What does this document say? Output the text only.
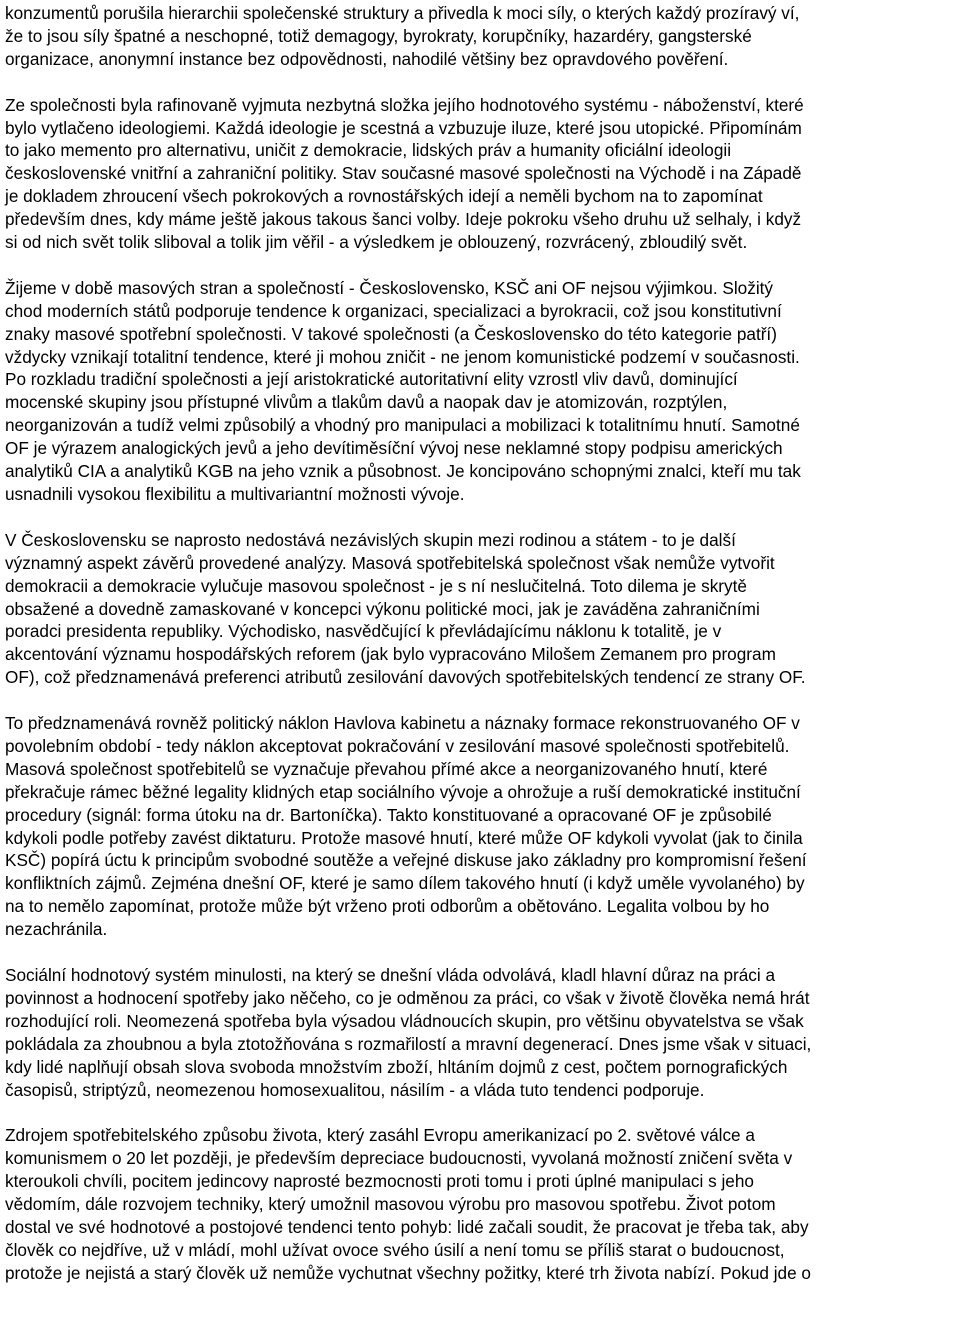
konzumentů porušila hierarchii společenské struktury a přivedla k moci síly, o kterých každý prozíravý ví,
že to jsou síly špatné a neschopné, totiž demagogy, byrokraty, korupčníky, hazardéry, gangsterské
organizace, anonymní instance bez odpovědnosti, nahodilé většiny bez opravdového pověření.

Ze společnosti byla rafinovaně vyjmuta nezbytná složka jejího hodnotového systému - náboženství, které
bylo vytlačeno ideologiemi. Každá ideologie je scestná a vzbuzuje iluze, které jsou utopické. Připomínám
to jako memento pro alternativu, uničit z demokracie, lidských práv a humanity oficiální ideologii
československé vnitřní a zahraniční politiky. Stav současné masové společnosti na Východě i na Západě
je dokladem zhroucení všech pokrokových a rovnostářských idejí a neměli bychom na to zapomínat
především dnes, kdy máme ještě jakous takous šanci volby. Ideje pokroku všeho druhu už selhaly, i když
si od nich svět tolik sliboval a tolik jim věřil - a výsledkem je oblouzený, rozvrácený, zbloudilý svět.

Žijeme v době masových stran a společností - Československo, KSČ ani OF nejsou výjimkou. Složitý
chod moderních států podporuje tendence k organizaci, specializaci a byrokracii, což jsou konstitutivní
znaky masové spotřební společnosti. V takové společnosti (a Československo do této kategorie patří)
vždycky vznikají totalitní tendence, které ji mohou zničit - ne jenom komunistické podzemí v současnosti.
Po rozkladu tradiční společnosti a její aristokratické autoritativní elity vzrostl vliv davů, dominující
mocenské skupiny jsou přístupné vlivům a tlakům davů a naopak dav je atomizován, rozptýlen,
neorganizován a tudíž velmi způsobilý a vhodný pro manipulaci a mobilizaci k totalitnímu hnutí. Samotné
OF je výrazem analogických jevů a jeho devítiměsíční vývoj nese neklamné stopy podpisu amerických
analytiků CIA a analytiků KGB na jeho vznik a působnost. Je koncipováno schopnými znalci, kteří mu tak
usnadnili vysokou flexibilitu a multivariantní možnosti vývoje.

V Československu se naprosto nedostává nezávislých skupin mezi rodinou a státem - to je další
významný aspekt závěrů provedené analýzy. Masová spotřebitelská společnost však nemůže vytvořit
demokracii a demokracie vylučuje masovou společnost - je s ní neslučitelná. Toto dilema je skrytě
obsažené a dovedně zamaskované v koncepci výkonu politické moci, jak je zaváděna zahraničními
poradci presidenta republiky. Východisko, nasvědčující k převládajícímu náklonu k totalitě, je v
akcentování významu hospodářských reforem (jak bylo vypracováno Milošem Zemanem pro program
OF), což předznamenává preferenci atributů zesilování davových spotřebitelských tendencí ze strany OF.

To předznamenává rovněž politický náklon Havlova kabinetu a náznaky formace rekonstruovaného OF v
povolebním období - tedy náklon akceptovat pokračování v zesilování masové společnosti spotřebitelů.
Masová společnost spotřebitelů se vyznačuje převahou přímé akce a neorganizovaného hnutí, které
překračuje rámec běžné legality klidných etap sociálního vývoje a ohrožuje a ruší demokratické instituční
procedury (signál: forma útoku na dr. Bartoníčka). Takto konstituované a opracované OF je způsobilé
kdykoli podle potřeby zavést diktaturu. Protože masové hnutí, které může OF kdykoli vyvolat (jak to činila
KSČ) popírá úctu k principům svobodné soutěže a veřejné diskuse jako základny pro kompromisní řešení
konfliktních zájmů. Zejména dnešní OF, které je samo dílem takového hnutí (i když uměle vyvolaného) by
na to nemělo zapomínat, protože může být vrženo proti odborům a obětováno. Legalita volbou by ho
nezachránila.

Sociální hodnotový systém minulosti, na který se dnešní vláda odvolává, kladl hlavní důraz na práci a
povinnost a hodnocení spotřeby jako něčeho, co je odměnou za práci, co však v životě člověka nemá hrát
rozhodující roli. Neomezená spotřeba byla výsadou vládnoucích skupin, pro většinu obyvatelstva se však
pokládala za zhoubnou a byla ztotožňována s rozmařilostí a mravní degenerací. Dnes jsme však v situaci,
kdy lidé naplňují obsah slova svoboda množstvím zboží, hltáním dojmů z cest, počtem pornografických
časopisů, striptýzů, neomezenou homosexualitou, násilím - a vláda tuto tendenci podporuje.

Zdrojem spotřebitelského způsobu života, který zasáhl Evropu amerikanizací po 2. světové válce a
komunismem o 20 let později, je především depreciace budoucnosti, vyvolaná možností zničení světa v
kteroukoli chvíli, pocitem jedincovy naprosté bezmocnosti proti tomu i proti úplné manipulaci s jeho
vědomím, dále rozvojem techniky, který umožnil masovou výrobu pro masovou spotřebu. Život potom
dostal ve své hodnotové a postojové tendenci tento pohyb: lidé začali soudit, že pracovat je třeba tak, aby
člověk co nejdříve, už v mládí, mohl užívat ovoce svého úsilí a není tomu se příliš starat o budoucnost,
protože je nejistá a starý člověk už nemůže vychutnat všechny požitky, které trh života nabízí. Pokud jde o
